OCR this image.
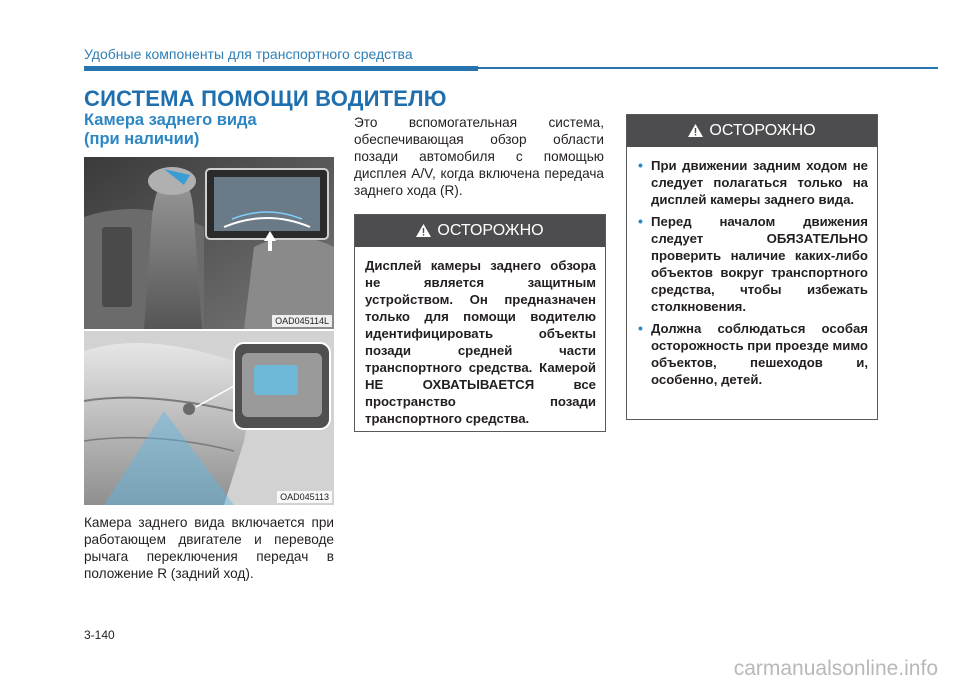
Удобные компоненты для транспортного средства
СИСТЕМА ПОМОЩИ ВОДИТЕЛЮ
Камера заднего вида
(при наличии)
OAD045114L
OAD045113
Камера заднего вида включается при работающем двигателе и переводе рычага переключения передач в положение R (задний ход).
Это вспомогательная система, обеспечивающая обзор области позади автомобиля с помощью дисплея A/V, когда включена передача заднего хода (R).
ОСТОРОЖНО
Дисплей камеры заднего обзора не является защитным устройством. Он предназначен только для помощи водителю идентифицировать объекты позади средней части транспортного средства. Камерой НЕ ОХВАТЫВАЕТСЯ все пространство позади транспортного средства.
ОСТОРОЖНО
• При движении задним ходом не следует полагаться только на дисплей камеры заднего вида.
• Перед началом движения следует ОБЯЗАТЕЛЬНО проверить наличие каких-либо объектов вокруг транспортного средства, чтобы избежать столкновения.
• Должна соблюдаться особая осторожность при проезде мимо объектов, пешеходов и, особенно, детей.
3-140
carmanualsonline.info
